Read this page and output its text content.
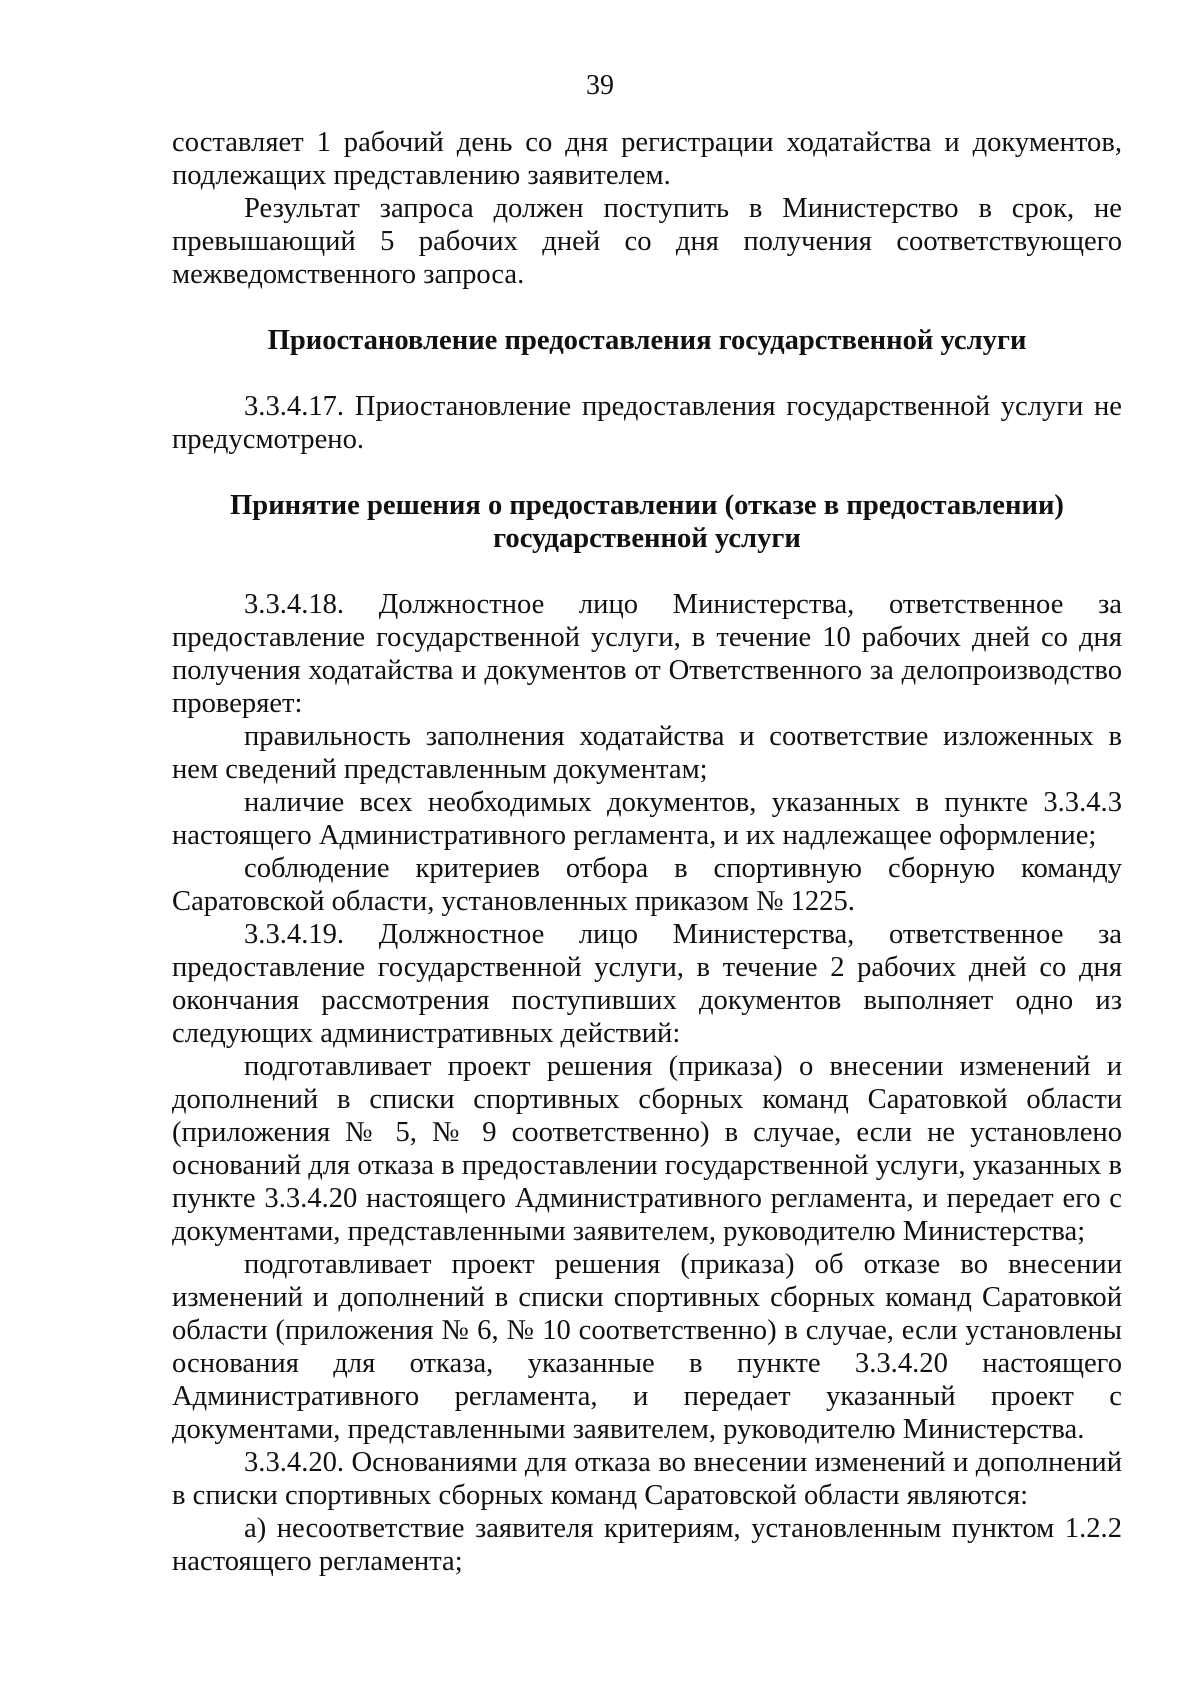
39

составляет 1 рабочий день со дня регистрации ходатайства и документов, подлежащих представлению заявителем.

Результат запроса должен поступить в Министерство в срок, не превышающий 5 рабочих дней со дня получения соответствующего межведомственного запроса.

Приостановление предоставления государственной услуги

3.3.4.17. Приостановление предоставления государственной услуги не предусмотрено.

Принятие решения о предоставлении (отказе в предоставлении)
государственной услуги

3.3.4.18. Должностное лицо Министерства, ответственное за предоставление государственной услуги, в течение 10 рабочих дней со дня получения ходатайства и документов от Ответственного за делопроизводство проверяет:

правильность заполнения ходатайства и соответствие изложенных в нем сведений представленным документам;

наличие всех необходимых документов, указанных в пункте 3.3.4.3 настоящего Административного регламента, и их надлежащее оформление;

соблюдение критериев отбора в спортивную сборную команду Саратовской области, установленных приказом № 1225.

3.3.4.19. Должностное лицо Министерства, ответственное за предоставление государственной услуги, в течение 2 рабочих дней со дня окончания рассмотрения поступивших документов выполняет одно из следующих административных действий:

подготавливает проект решения (приказа) о внесении изменений и дополнений в списки спортивных сборных команд Саратовкой области (приложения № 5, № 9 соответственно) в случае, если не установлено оснований для отказа в предоставлении государственной услуги, указанных в пункте 3.3.4.20 настоящего Административного регламента, и передает его с документами, представленными заявителем, руководителю Министерства;

подготавливает проект решения (приказа) об отказе во внесении изменений и дополнений в списки спортивных сборных команд Саратовкой области (приложения № 6, № 10 соответственно) в случае, если установлены основания для отказа, указанные в пункте 3.3.4.20 настоящего Административного регламента, и передает указанный проект с документами, представленными заявителем, руководителю Министерства.

3.3.4.20. Основаниями для отказа во внесении изменений и дополнений в списки спортивных сборных команд Саратовской области являются:

а) несоответствие заявителя критериям, установленным пунктом 1.2.2 настоящего регламента;
